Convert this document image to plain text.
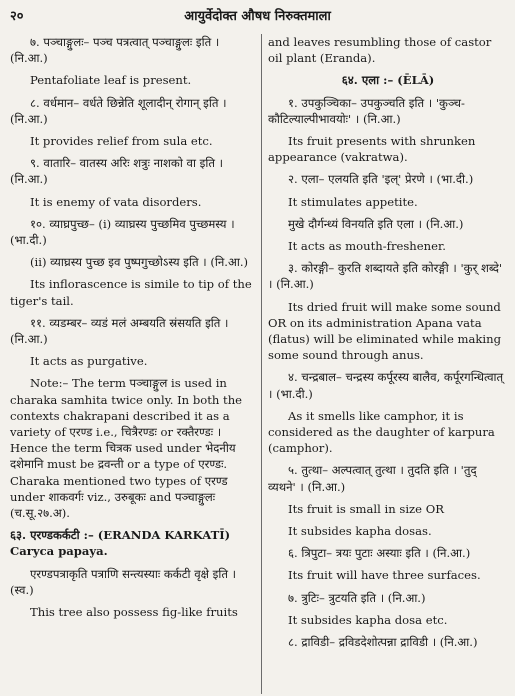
२०	आयुर्वेदोक्त औषध निरुक्तमाला

७. पञ्चाङ्गुलः– पञ्च पत्रत्वात् पञ्चाङ्गुलः इति । (नि.आ.)

Pentafoliate leaf is present.

८. वर्धमान– वर्धते छिन्नेति शूलादीन् रोगान् इति । (नि.आ.)

It provides relief from sula etc.

९. वातारि– वातस्य अरिः शत्रुः नाशको वा इति । (नि.आ.)

It is enemy of vata disorders.

१०. व्याघ्रपुच्छ– (i) व्याघ्रस्य पुच्छमिव पुच्छमस्य । (भा.दी.)

(ii) व्याघ्रस्य पुच्छ इव पुष्पगुच्छोऽस्य इति । (नि.आ.)

Its inflorascence is simile to tip of the tiger's tail.

११. व्यडम्बर– व्यडं मलं अम्बयति स्रंसयति इति । (नि.आ.)

It acts as purgative.

Note:– The term पञ्चाङ्गुल is used in charaka samhita twice only. In both the contexts chakrapani described it as a variety of एरण्ड i.e., चित्रैरण्डः or रक्तैरण्डः । Hence the term चित्रक used under भेदनीय दशेमानि must be द्रवन्ती or a type of एरण्डः. Charaka mentioned two types of एरण्ड under शाकवर्गः viz., उरुबूकः and पञ्चाङ्गुलः (च.सू.२७.अ).

६३. एरण्डकर्कटी :– (ERANDA KARKATĪ) Caryca papaya.

एरण्डपत्राकृति पत्राणि सन्त्यस्याः कर्कटी वृक्षे इति । (स्व.)

This tree also possess fig-like fruits

and leaves resumbling those of castor oil plant (Eranda).

६४. एला :– (ĒLĀ)

१. उपकुञ्चिका– उपकुञ्चति इति । 'कुञ्च-कौटिल्याल्पीभावयोः' । (नि.आ.)

Its fruit presents with shrunken appearance (vakratwa).

२. एला– एलयति इति 'इल्' प्रेरणे । (भा.दी.)

It stimulates appetite.

मुखे दौर्गन्ध्यं विनयति इति एला । (नि.आ.)

It acts as mouth-freshener.

३. कोरङ्गी– कुरति शब्दायते इति कोरङ्गी । 'कुर् शब्दे' । (नि.आ.)

Its dried fruit will make some sound OR on its administration Apana vata (flatus) will be eliminated while making some sound through anus.

४. चन्द्रबाल– चन्द्रस्य कर्पूरस्य बालैव, कर्पूरगन्धित्वात् । (भा.दी.)

As it smells like camphor, it is considered as the daughter of karpura (camphor).

५. तुत्था– अल्पत्वात् तुत्था । तुदति इति । 'तुद् व्यथने' । (नि.आ.)

Its fruit is small in size OR

It subsides kapha dosas.

६. त्रिपुटा– त्रयः पुटाः अस्याः इति । (नि.आ.)

Its fruit will have three surfaces.

७. त्रुटिः– त्रुटयति इति । (नि.आ.)

It subsides kapha dosa etc.

८. द्राविडी– द्रविडदेशोत्पन्ना द्राविडी । (नि.आ.)
